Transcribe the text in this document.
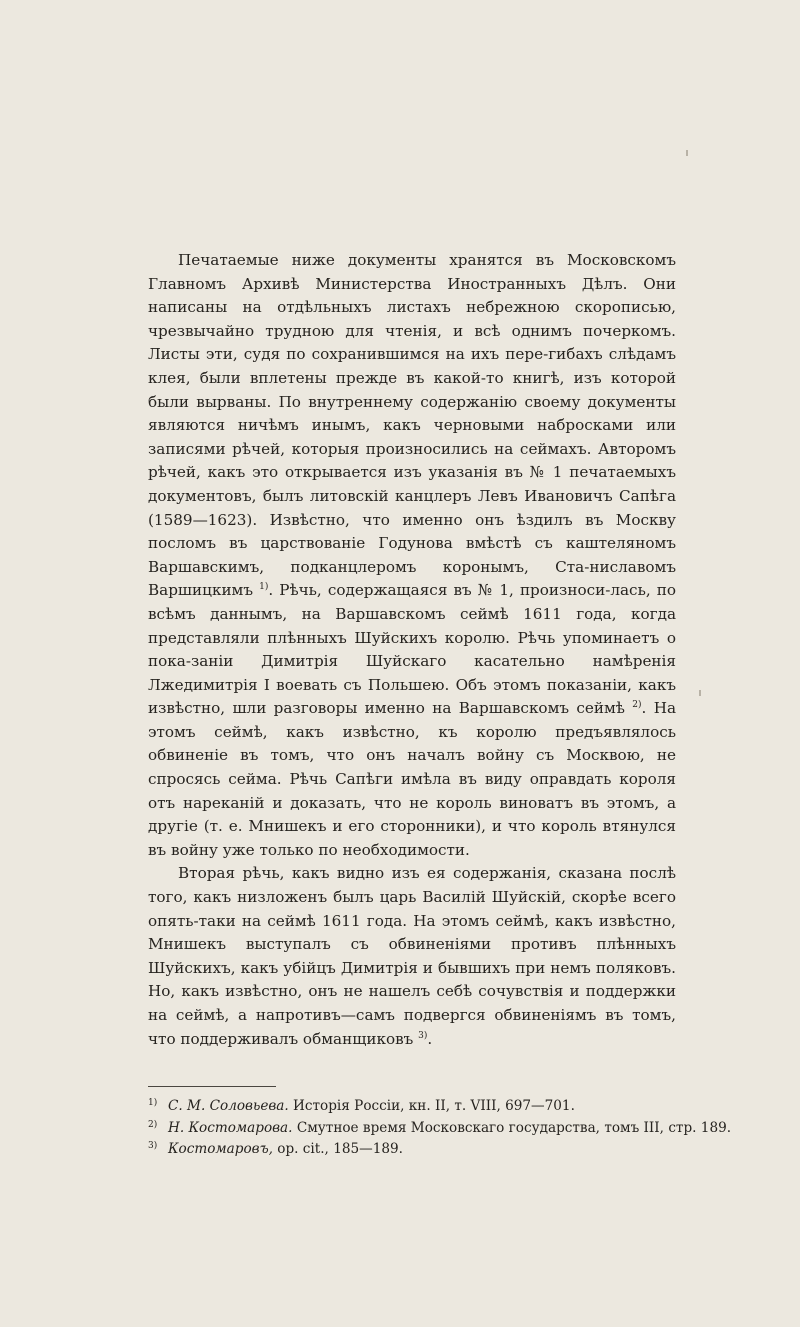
Печатаемые ниже документы хранятся въ Московскомъ Главномъ Архивѣ Министерства Иностранныхъ Дѣлъ. Они написаны на отдѣльныхъ листахъ небрежною скорописью, чрезвычайно трудною для чтенія, и всѣ однимъ почеркомъ. Листы эти, судя по сохранившимся на ихъ пере-гибахъ слѣдамъ клея, были вплетены прежде въ какой-то книгѣ, изъ которой были вырваны. По внутреннему содержанію своему документы являются ничѣмъ инымъ, какъ черновыми набросками или записями рѣчей, которыя произносились на сеймахъ. Авторомъ рѣчей, какъ это открывается изъ указанія въ № 1 печатаемыхъ документовъ, былъ литовскій канцлеръ Левъ Ивановичъ Сапѣга (1589—1623). Извѣстно, что именно онъ ѣздилъ въ Москву посломъ въ царствованіе Годунова вмѣстѣ съ каштеляномъ Варшавскимъ, подканцлеромъ коронымъ, Ста-ниславомъ Варшицкимъ $^{1)}$. Рѣчь, содержащаяся въ № 1, произноси-лась, по всѣмъ даннымъ, на Варшавскомъ сеймѣ 1611 года, когда представляли плѣнныхъ Шуйскихъ королю. Рѣчь упоминаетъ о пока-заніи Димитрія Шуйскаго касательно намѣренія Лжедимитрія I воевать съ Польшею. Объ этомъ показаніи, какъ извѣстно, шли разговоры именно на Варшавскомъ сеймѣ $^{2)}$. На этомъ сеймѣ, какъ извѣстно, къ королю предъявлялось обвиненіе въ томъ, что онъ началъ войну съ Москвою, не спросясь сейма. Рѣчь Сапѣги имѣла въ виду оправдать короля отъ нареканій и доказать, что не король виноватъ въ этомъ, а другіе (т. е. Мнишекъ и его сторонники), и что король втянулся въ войну уже только по необходимости.

Вторая рѣчь, какъ видно изъ ея содержанія, сказана послѣ того, какъ низложенъ былъ царь Василій Шуйскій, скорѣе всего опять-таки на сеймѣ 1611 года. На этомъ сеймѣ, какъ извѣстно, Мнишекъ выступалъ съ обвиненіями противъ плѣнныхъ Шуйскихъ, какъ убійцъ Димитрія и бывшихъ при немъ поляковъ. Но, какъ извѣстно, онъ не нашелъ себѣ сочувствія и поддержки на сеймѣ, а напротивъ—самъ подвергся обвиненіямъ въ томъ, что поддерживалъ обманщиковъ $^{3)}$.

$^{1)}$ С. М. Соловьева. Исторія Россіи, кн. II, т. VIII, 697—701.
$^{2)}$ Н. Костомарова. Смутное время Московскаго государства, томъ III, стр. 189.
$^{3)}$ Костомаровъ, op. cit., 185—189.
